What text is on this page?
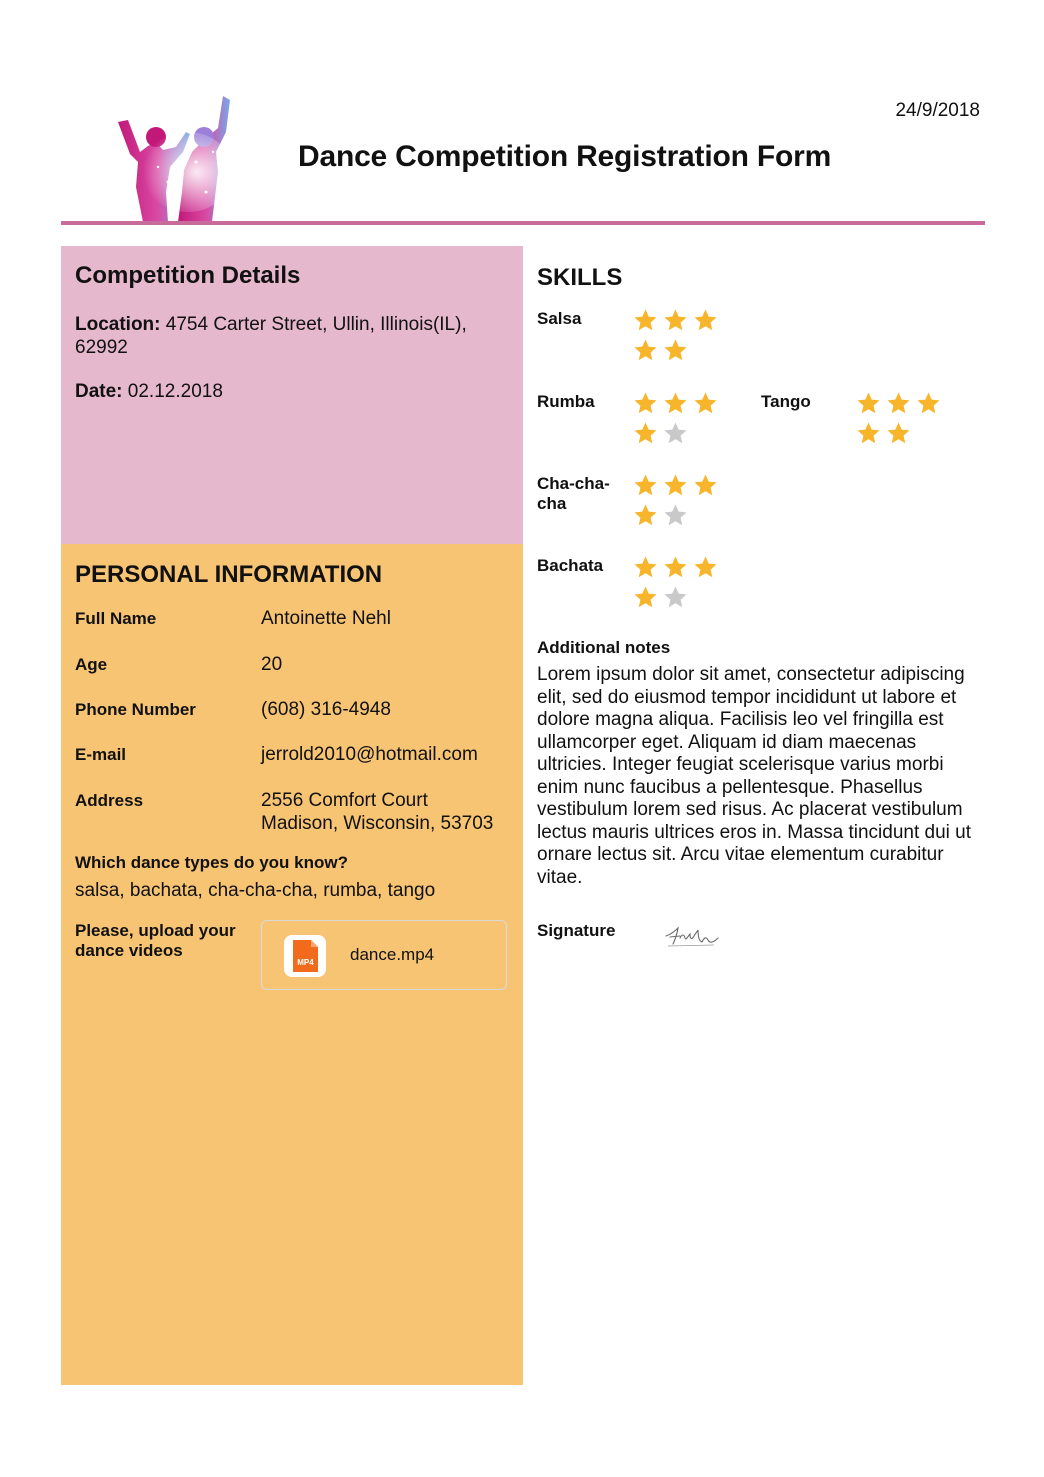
24/9/2018
Dance Competition Registration Form
Competition Details
Location: 4754 Carter Street, Ullin, Illinois(IL), 62992
Date: 02.12.2018
PERSONAL INFORMATION
Full Name	Antoinette Nehl
Age	20
Phone Number	(608) 316-4948
E-mail	jerrold2010@hotmail.com
Address	2556 Comfort Court
Madison, Wisconsin, 53703
Which dance types do you know?
salsa, bachata, cha-cha-cha, rumba, tango
Please, upload your
dance videos
MP4 dance.mp4
SKILLS
Salsa
Rumba	Tango
Cha-cha-
cha
Bachata
Additional notes
Lorem ipsum dolor sit amet, consectetur adipiscing elit, sed do eiusmod tempor incididunt ut labore et dolore magna aliqua. Facilisis leo vel fringilla est ullamcorper eget. Aliquam id diam maecenas ultricies. Integer feugiat scelerisque varius morbi enim nunc faucibus a pellentesque. Phasellus vestibulum lorem sed risus. Ac placerat vestibulum lectus mauris ultrices eros in. Massa tincidunt dui ut ornare lectus sit. Arcu vitae elementum curabitur vitae.
Signature
